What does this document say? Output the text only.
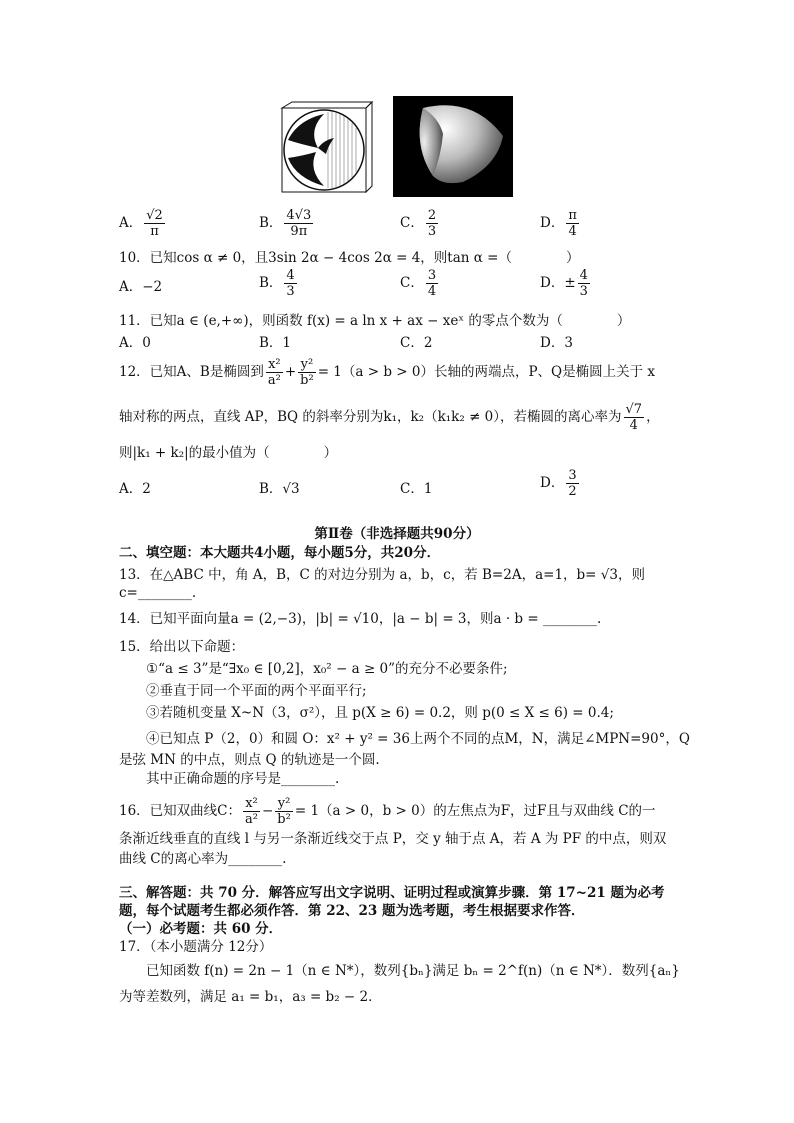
A． $\frac{√2}{\pi}$	B． $\frac{4√3}{9\pi}$	C． $\frac{2}{3}$	D． $\frac{\pi}{4}$
10．已知cos α ≠ 0，且3sin 2α − 4cos 2α = 4，则tan α =（　　　　）
A．−2	B． $\frac{4}{3}$	C． $\frac{3}{4}$	D．± $\frac{4}{3}$
11．已知a ∈ (e,+∞)，则函数 f(x) = a ln x + ax − xeˣ 的零点个数为（　　　　）
A．0	B．1	C．2	D．3
12．已知A、B是椭圆到 $\frac{\text{x²}}{\text{a²}} + \frac{\text{y²}}{\text{b²}} = 1(a > b > 0)$长轴的两端点，P、Q是椭圆上关于 x
轴对称的两点，直线 AP，BQ 的斜率分别为k₁，k₂（k₁k₂ ≠ 0），若椭圆的离心率为 $\frac{√7}{4}$ ，
则|k₁ + k₂|的最小值为（　　　　）
A．2	B．√3	C．1	D． $\frac{3}{2}$
第Ⅱ卷（非选择题共90分）
二、填空题：本大题共4小题，每小题5分，共20分．
13．在△ABC 中，角 A，B，C 的对边分别为 a，b，c，若 B=2A，a=1，b= √3，则
c=________.
14．已知平面向量a = (2,−3)，|b| = √10，|a − b| = 3，则a · b = ________.
15．给出以下命题：
①“a ≤ 3”是“∃x₀ ∈ [0,2]，x₀² − a ≥ 0”的充分不必要条件;
②垂直于同一个平面的两个平面平行;
③若随机变量 X~N（3，σ²），且 p(X ≥ 6) = 0.2，则 p(0 ≤ X ≤ 6) = 0.4;
④已知点 P（2，0）和圆 O：x² + y² = 36上两个不同的点M，N，满足∠MPN=90°，Q
是弦 MN 的中点，则点 Q 的轨迹是一个圆.
其中正确命题的序号是________.
16．已知双曲线C： $\frac{\text{x²}}{\text{a²}} - \frac{\text{y²}}{\text{b²}} = 1(a > 0$，b > 0）的左焦点为F，过F且与双曲线 C的一
条渐近线垂直的直线 l 与另一条渐近线交于点 P，交 y 轴于点 A，若 A 为 PF 的中点，则双
曲线 C的离心率为________.
三、解答题：共 70 分．解答应写出文字说明、证明过程或演算步骤．第 17~21 题为必考
题，每个试题考生都必须作答．第 22、23 题为选考题，考生根据要求作答．
（一）必考题：共 60 分．
17．（本小题满分 12分）
已知函数 f(n) = 2n − 1（n ∈ N*），数列{bₙ}满足 bₙ = 2^f(n)（n ∈ N*）．数列{aₙ}
为等差数列，满足 a₁ = b₁，a₃ = b₂ − 2．
